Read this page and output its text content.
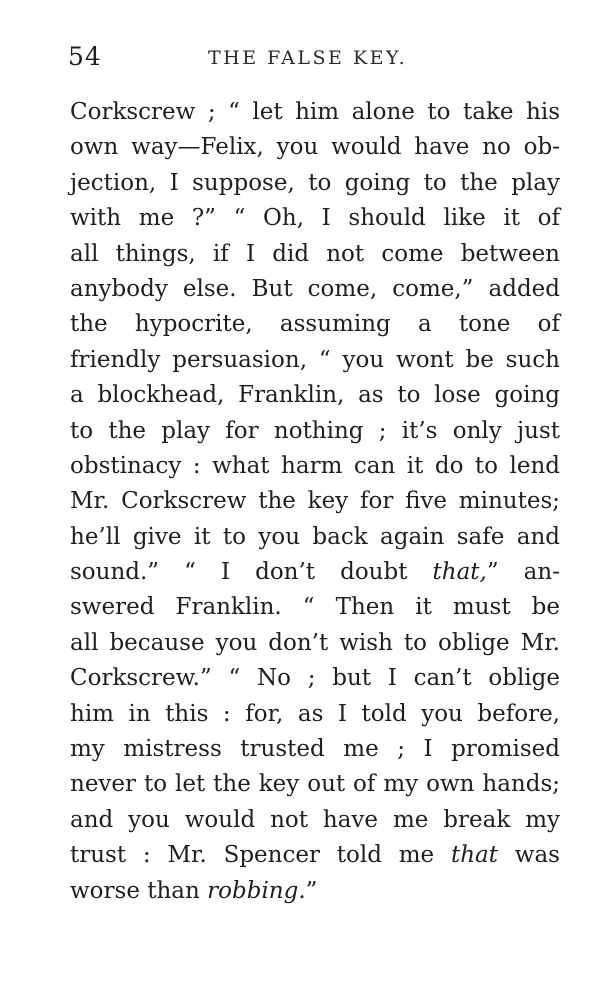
54	THE FALSE KEY.
Corkscrew ; “ let him alone to take his
own way—Felix, you would have no ob-
jection, I suppose, to going to the play
with me ?” “ Oh, I should like it of
all things, if I did not come between
anybody else. But come, come,” added
the hypocrite, assuming a tone of
friendly persuasion, “ you wont be such
a blockhead, Franklin, as to lose going
to the play for nothing ; it’s only just
obstinacy : what harm can it do to lend
Mr. Corkscrew the key for five minutes;
he’ll give it to you back again safe and
sound.” “ I don’t doubt that,” an-
swered Franklin. “ Then it must be
all because you don’t wish to oblige Mr.
Corkscrew.” “ No ; but I can’t oblige
him in this : for, as I told you before,
my mistress trusted me ; I promised
never to let the key out of my own hands;
and you would not have me break my
trust : Mr. Spencer told me that was
worse than robbing.”
